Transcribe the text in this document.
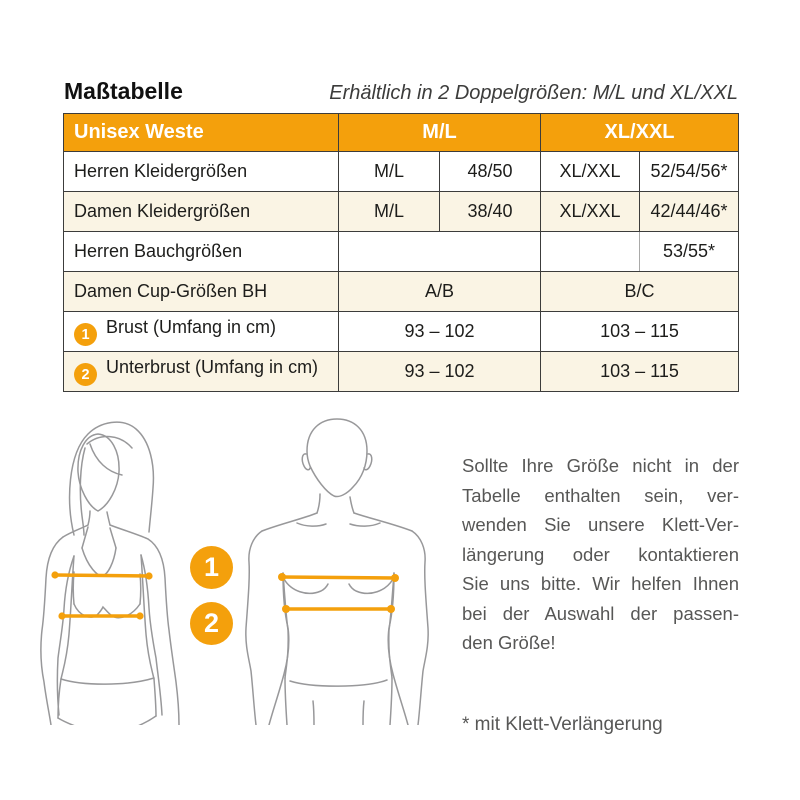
Maßtabelle	Erhältlich in 2 Doppelgrößen: M/L und XL/XXL
Unisex Weste	M/L		XL/XXL	
Herren Kleidergrößen	M/L	48/50	XL/XXL	52/54/56*
Damen Kleidergrößen	M/L	38/40	XL/XXL	42/44/46*
Herren Bauchgrößen				53/55*
Damen Cup-Größen BH	A/B		B/C	
1 Brust (Umfang in cm)	93 – 102		103 – 115	
2 Unterbrust (Umfang in cm)	93 – 102		103 – 115	
1
2
Sollte Ihre Größe nicht in der
Tabelle enthalten sein, ver-
wenden Sie unsere Klett-Ver-
längerung oder kontaktieren
Sie uns bitte. Wir helfen Ihnen
bei der Auswahl der passen-
den Größe!
* mit Klett-Verlängerung
